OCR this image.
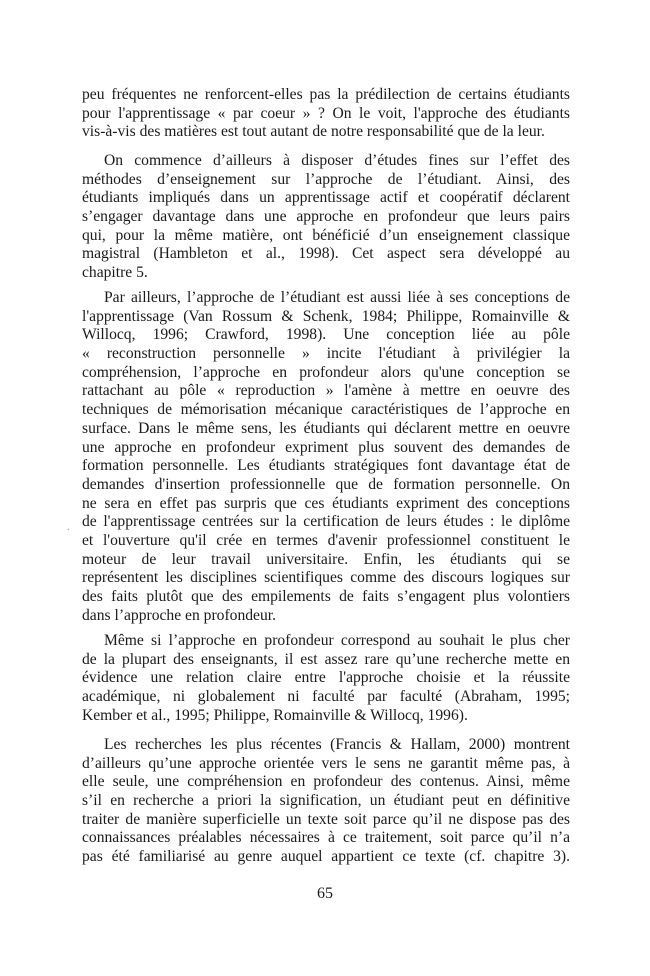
peu fréquentes ne renforcent-elles pas la prédilection de certains étudiants
pour l'apprentissage « par coeur » ? On le voit, l'approche des étudiants
vis-à-vis des matières est tout autant de notre responsabilité que de la leur.
On commence d’ailleurs à disposer d’études fines sur l’effet des
méthodes d’enseignement sur l’approche de l’étudiant. Ainsi, des
étudiants impliqués dans un apprentissage actif et coopératif déclarent
s’engager davantage dans une approche en profondeur que leurs pairs
qui, pour la même matière, ont bénéficié d’un enseignement classique
magistral (Hambleton et al., 1998). Cet aspect sera développé au
chapitre 5.
Par ailleurs, l’approche de l’étudiant est aussi liée à ses conceptions de
l'apprentissage (Van Rossum & Schenk, 1984; Philippe, Romainville &
Willocq, 1996; Crawford, 1998). Une conception liée au pôle
« reconstruction personnelle » incite l'étudiant à privilégier la
compréhension, l’approche en profondeur alors qu'une conception se
rattachant au pôle « reproduction » l'amène à mettre en oeuvre des
techniques de mémorisation mécanique caractéristiques de l’approche en
surface. Dans le même sens, les étudiants qui déclarent mettre en oeuvre
une approche en profondeur expriment plus souvent des demandes de
formation personnelle. Les étudiants stratégiques font davantage état de
demandes d'insertion professionnelle que de formation personnelle. On
ne sera en effet pas surpris que ces étudiants expriment des conceptions
de l'apprentissage centrées sur la certification de leurs études : le diplôme
et l'ouverture qu'il crée en termes d'avenir professionnel constituent le
moteur de leur travail universitaire. Enfin, les étudiants qui se
représentent les disciplines scientifiques comme des discours logiques sur
des faits plutôt que des empilements de faits s’engagent plus volontiers
dans l’approche en profondeur.
Même si l’approche en profondeur correspond au souhait le plus cher
de la plupart des enseignants, il est assez rare qu’une recherche mette en
évidence une relation claire entre l'approche choisie et la réussite
académique, ni globalement ni faculté par faculté (Abraham, 1995;
Kember et al., 1995; Philippe, Romainville & Willocq, 1996).
Les recherches les plus récentes (Francis & Hallam, 2000) montrent
d’ailleurs qu’une approche orientée vers le sens ne garantit même pas, à
elle seule, une compréhension en profondeur des contenus. Ainsi, même
s’il en recherche a priori la signification, un étudiant peut en définitive
traiter de manière superficielle un texte soit parce qu’il ne dispose pas des
connaissances préalables nécessaires à ce traitement, soit parce qu’il n’a
pas été familiarisé au genre auquel appartient ce texte (cf. chapitre 3).
.
65
